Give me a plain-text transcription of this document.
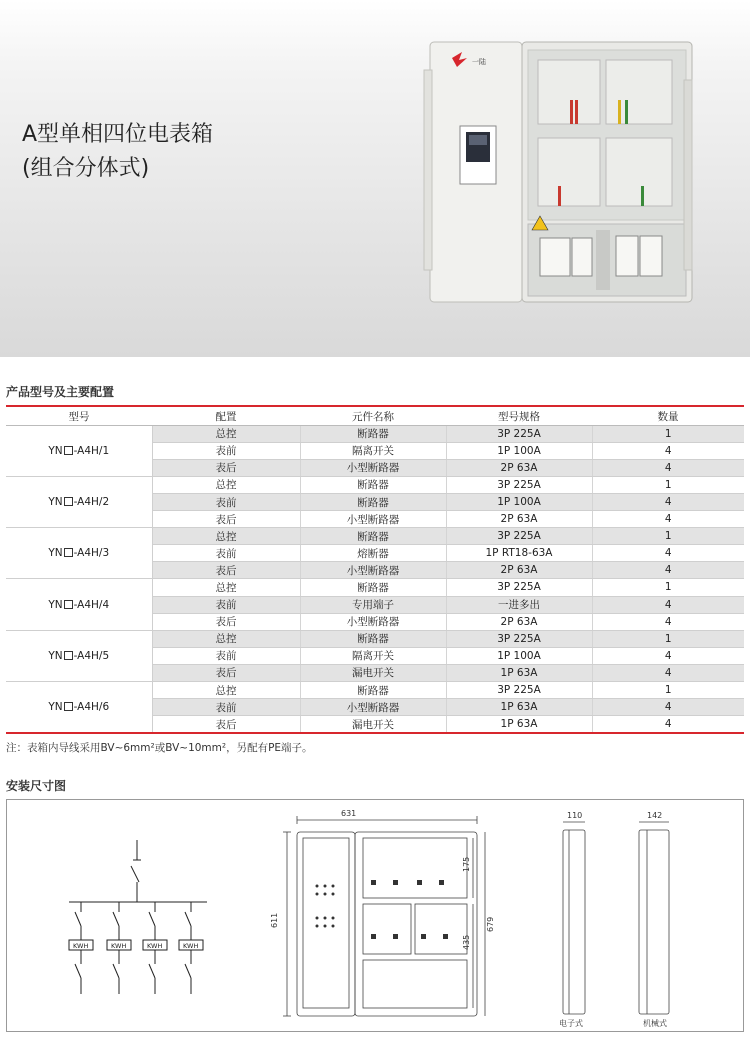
A型单相四位电表箱
(组合分体式)
一陆
产品型号及主要配置
型号	配置	元件名称	型号规格	数量
YN -A4H/1	总控	断路器	3P 225A	1
	表前	隔离开关	1P 100A	4
	表后	小型断路器	2P 63A	4
YN -A4H/2	总控	断路器	3P 225A	1
	表前	断路器	1P 100A	4
	表后	小型断路器	2P 63A	4
YN -A4H/3	总控	断路器	3P 225A	1
	表前	熔断器	1P RT18-63A	4
	表后	小型断路器	2P 63A	4
YN -A4H/4	总控	断路器	3P 225A	1
	表前	专用端子	一进多出	4
	表后	小型断路器	2P 63A	4
YN -A4H/5	总控	断路器	3P 225A	1
	表前	隔离开关	1P 100A	4
	表后	漏电开关	1P 63A	4
YN -A4H/6	总控	断路器	3P 225A	1
	表前	小型断路器	1P 63A	4
	表后	漏电开关	1P 63A	4
注：表箱内导线采用BV~6mm²或BV~10mm²，另配有PE端子。
安装尺寸图
KWH	KWH	KWH	KWH
631
611
175
435
679
110
电子式
142
机械式
